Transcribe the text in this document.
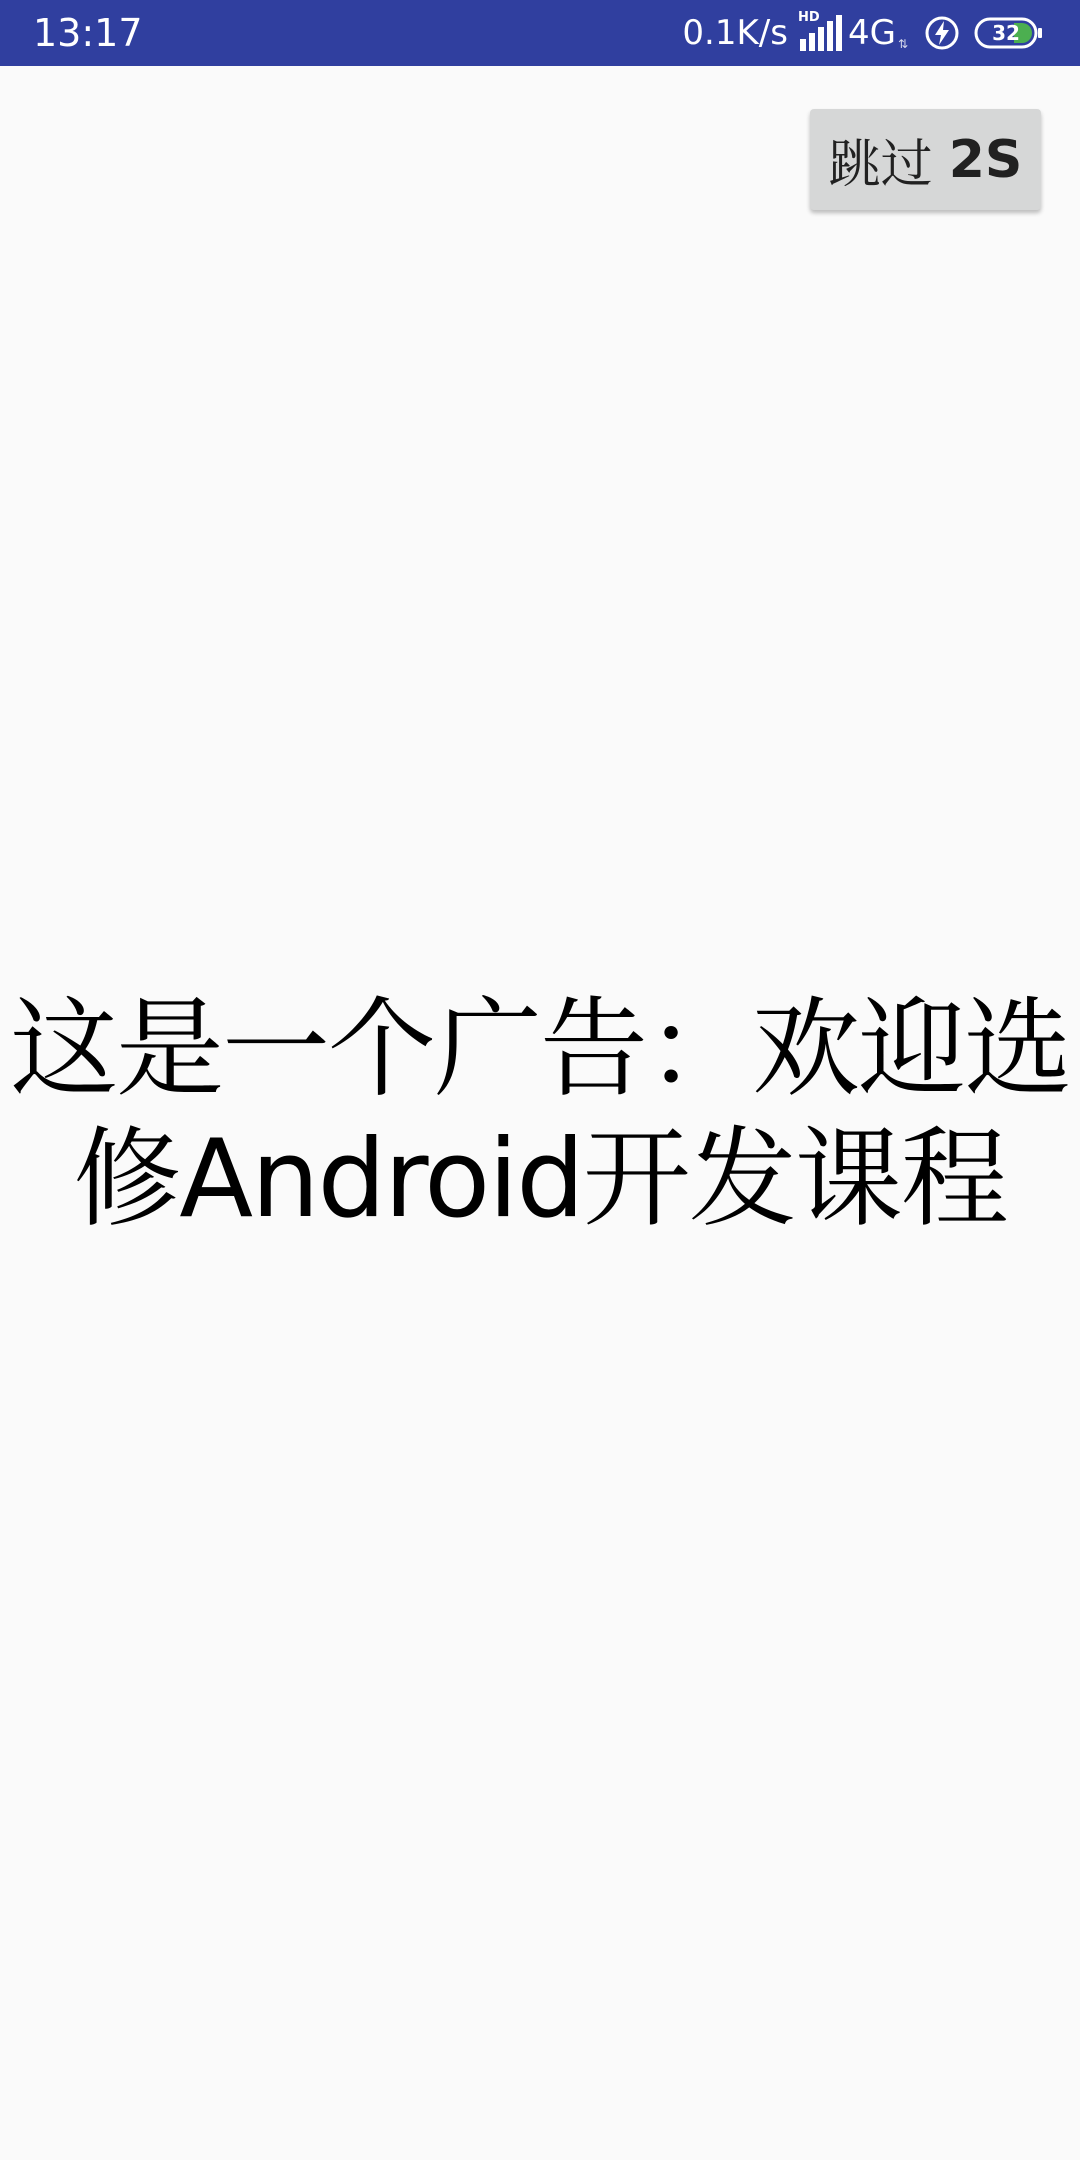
13:17	0.1K/s HD 4G ⇅	32
跳过 2S
这是一个广告：欢迎选修Android开发课程
